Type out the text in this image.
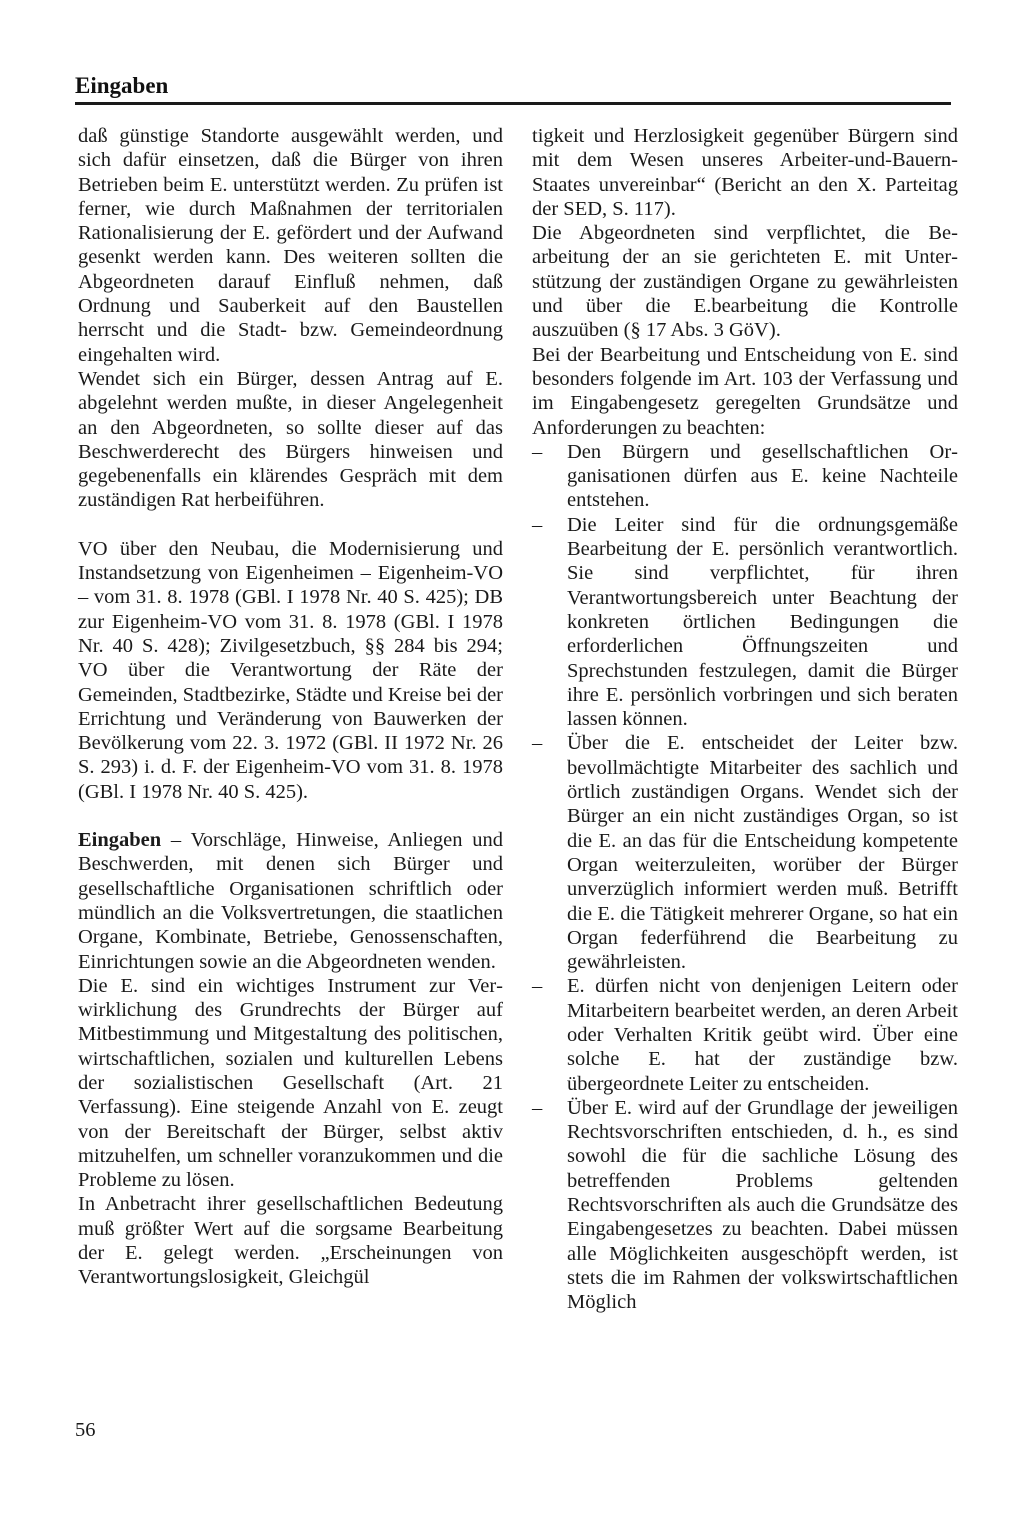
Eingaben

daß günstige Standorte ausgewählt werden, und sich dafür einsetzen, daß die Bürger von ihren Betrieben beim E. unterstützt werden. Zu prüfen ist ferner, wie durch Maßnahmen der territorialen Rationalisierung der E. gefördert und der Aufwand gesenkt werden kann. Des weiteren sollten die Abgeordneten darauf Einfluß nehmen, daß Ordnung und Sauberkeit auf den Baustellen herrscht und die Stadt- bzw. Gemeindeordnung eingehalten wird.

Wendet sich ein Bürger, dessen Antrag auf E. abgelehnt werden mußte, in dieser Angelegenheit an den Abgeordneten, so sollte dieser auf das Beschwerderecht des Bürgers hinweisen und gegebenenfalls ein klärendes Gespräch mit dem zuständigen Rat herbeiführen.

VO über den Neubau, die Modernisierung und Instandsetzung von Eigenheimen – Eigenheim-VO – vom 31. 8. 1978 (GBl. I 1978 Nr. 40 S. 425); DB zur Eigenheim-VO vom 31. 8. 1978 (GBl. I 1978 Nr. 40 S. 428); Zivilgesetzbuch, §§ 284 bis 294; VO über die Verantwortung der Räte der Gemeinden, Stadtbezirke, Städte und Kreise bei der Errichtung und Veränderung von Bauwerken der Bevölkerung vom 22. 3. 1972 (GBl. II 1972 Nr. 26 S. 293) i. d. F. der Eigenheim-VO vom 31. 8. 1978 (GBl. I 1978 Nr. 40 S. 425).

Eingaben – Vorschläge, Hinweise, Anliegen und Beschwerden, mit denen sich Bürger und gesellschaftliche Organisationen schriftlich oder mündlich an die Volksvertretungen, die staatlichen Organe, Kombinate, Betriebe, Genossenschaften, Einrichtungen sowie an die Abgeordneten wenden.

Die E. sind ein wichtiges Instrument zur Verwirklichung des Grundrechts der Bürger auf Mitbestimmung und Mitgestaltung des politischen, wirtschaftlichen, sozialen und kulturellen Lebens der sozialistischen Gesellschaft (Art. 21 Verfassung). Eine steigende Anzahl von E. zeugt von der Bereitschaft der Bürger, selbst aktiv mitzuhelfen, um schneller voranzukommen und die Probleme zu lösen.

In Anbetracht ihrer gesellschaftlichen Bedeutung muß größter Wert auf die sorgsame Bearbeitung der E. gelegt werden. „Erscheinungen von Verantwortungslosigkeit, Gleichgül

tigkeit und Herzlosigkeit gegenüber Bürgern sind mit dem Wesen unseres Arbeiter-und-Bauern-Staates unvereinbar“ (Bericht an den X. Parteitag der SED, S. 117).

Die Abgeordneten sind verpflichtet, die Bearbeitung der an sie gerichteten E. mit Unterstützung der zuständigen Organe zu gewährleisten und über die E.bearbeitung die Kontrolle auszuüben (§ 17 Abs. 3 GöV).

Bei der Bearbeitung und Entscheidung von E. sind besonders folgende im Art. 103 der Verfassung und im Eingabengesetz geregelten Grundsätze und Anforderungen zu beachten:

– Den Bürgern und gesellschaftlichen Organisationen dürfen aus E. keine Nachteile entstehen.
– Die Leiter sind für die ordnungsgemäße Bearbeitung der E. persönlich verantwortlich. Sie sind verpflichtet, für ihren Verantwortungsbereich unter Beachtung der konkreten örtlichen Bedingungen die erforderlichen Öffnungszeiten und Sprechstunden festzulegen, damit die Bürger ihre E. persönlich vorbringen und sich beraten lassen können.
– Über die E. entscheidet der Leiter bzw. bevollmächtigte Mitarbeiter des sachlich und örtlich zuständigen Organs. Wendet sich der Bürger an ein nicht zuständiges Organ, so ist die E. an das für die Entscheidung kompetente Organ weiterzuleiten, worüber der Bürger unverzüglich informiert werden muß. Betrifft die E. die Tätigkeit mehrerer Organe, so hat ein Organ federführend die Bearbeitung zu gewährleisten.
– E. dürfen nicht von denjenigen Leitern oder Mitarbeitern bearbeitet werden, an deren Arbeit oder Verhalten Kritik geübt wird. Über eine solche E. hat der zuständige bzw. übergeordnete Leiter zu entscheiden.
– Über E. wird auf der Grundlage der jeweiligen Rechtsvorschriften entschieden, d. h., es sind sowohl die für die sachliche Lösung des betreffenden Problems geltenden Rechtsvorschriften als auch die Grundsätze des Eingabengesetzes zu beachten. Dabei müssen alle Möglichkeiten ausgeschöpft werden, ist stets die im Rahmen der volkswirtschaftlichen Möglich
56
